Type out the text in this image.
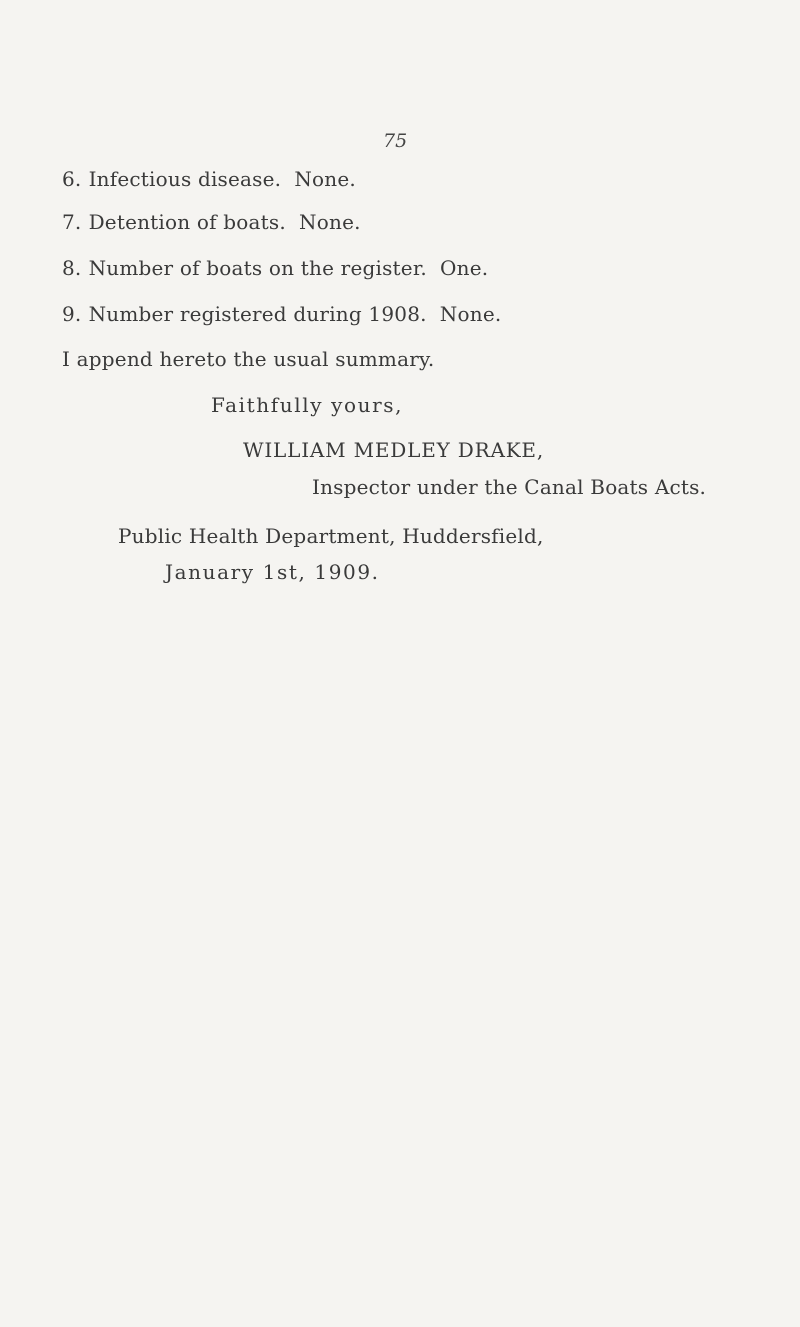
75
6. Infectious disease.  None.
7. Detention of boats.  None.
8. Number of boats on the register.  One.
9. Number registered during 1908.  None.
I append hereto the usual summary.
Faithfully yours,
WILLIAM MEDLEY DRAKE,
Inspector under the Canal Boats Acts.
Public Health Department, Huddersfield,
January 1st, 1909.
